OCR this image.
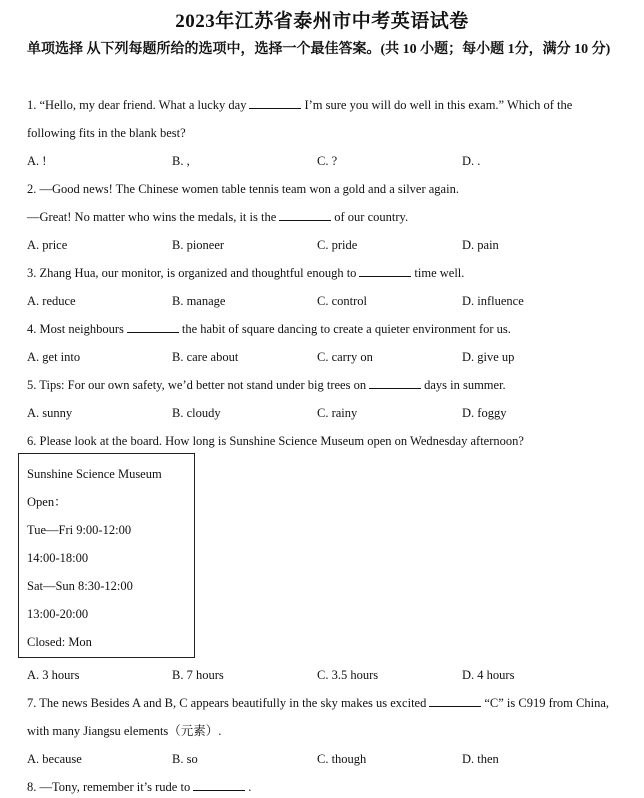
2023年江苏省泰州市中考英语试卷
单项选择 从下列每题所给的选项中，选择一个最佳答案。(共 10 小题；每小题 1分，满分 10 分)
1. “Hello, my dear friend. What a lucky day	I’m sure you will do well in this exam.” Which of the
following fits in the blank best?
A. !	B. ,	C. ?	D. .
2. —Good news! The Chinese women table tennis team won a gold and a silver again.
—Great! No matter who wins the medals, it is the	of our country.
A. price	B. pioneer	C. pride	D. pain
3. Zhang Hua, our monitor, is organized and thoughtful enough to	time well.
A. reduce	B. manage	C. control	D. influence
4. Most neighbours	the habit of square dancing to create a quieter environment for us.
A. get into	B. care about	C. carry on	D. give up
5. Tips: For our own safety, we’d better not stand under big trees on	days in summer.
A. sunny	B. cloudy	C. rainy	D. foggy
6. Please look at the board. How long is Sunshine Science Museum open on Wednesday afternoon?
Sunshine Science Museum
Open：
Tue—Fri 9:00-12:00
14:00-18:00
Sat—Sun 8:30-12:00
13:00-20:00
Closed: Mon
A. 3 hours	B. 7 hours	C. 3.5 hours	D. 4 hours
7. The news Besides A and B, C appears beautifully in the sky makes us excited	“C” is C919 from China,
with many Jiangsu elements（元素）.
A. because	B. so	C. though	D. then
8. —Tony, remember it’s rude to	.
